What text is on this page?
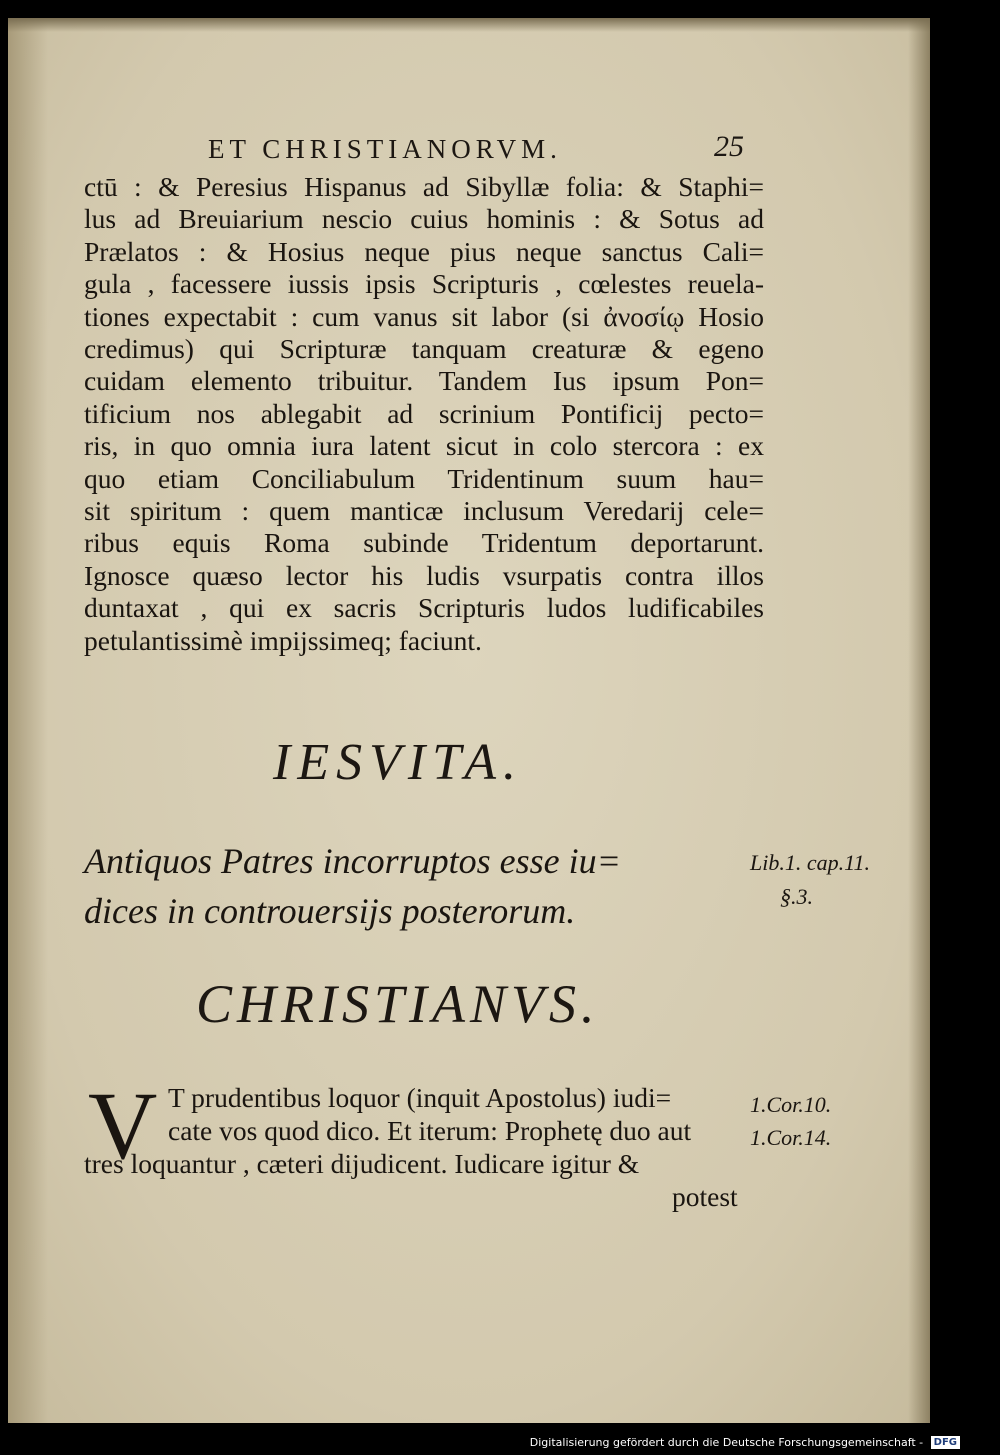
ET CHRISTIANORVM.	25
ctū : & Peresius Hispanus ad Sibyllæ folia: & Staphi=
lus ad Breuiarium nescio cuius hominis : & Sotus ad
Prælatos : & Hosius neque pius neque sanctus Cali=
gula , facessere iussis ipsis Scripturis , cœlestes reuela-
tiones expectabit : cum vanus sit labor (si ἀνοσίῳ Hosio
credimus) qui Scripturæ tanquam creaturæ & egeno
cuidam elemento tribuitur. Tandem Ius ipsum Pon=
tificium nos ablegabit ad scrinium Pontificij pecto=
ris, in quo omnia iura latent sicut in colo stercora : ex
quo etiam Conciliabulum Tridentinum suum hau=
sit spiritum : quem manticæ inclusum Veredarij cele=
ribus equis Roma subinde Tridentum deportarunt.
Ignosce quæso lector his ludis vsurpatis contra illos
duntaxat , qui ex sacris Scripturis ludos ludificabiles
petulantissimè impijssimeq; faciunt.
IESVITA.
Antiquos Patres incorruptos esse iu=
dices in controuersijs posterorum.
Lib.1. cap.11.
§.3.
CHRISTIANVS.
V T prudentibus loquor (inquit Apostolus) iudi=
cate vos quod dico. Et iterum: Prophetę duo aut
tres loquantur , cæteri dijudicent. Iudicare igitur &
potest
1.Cor.10.
1.Cor.14.
Digitalisierung gefördert durch die Deutsche Forschungsgemeinschaft - DFG
